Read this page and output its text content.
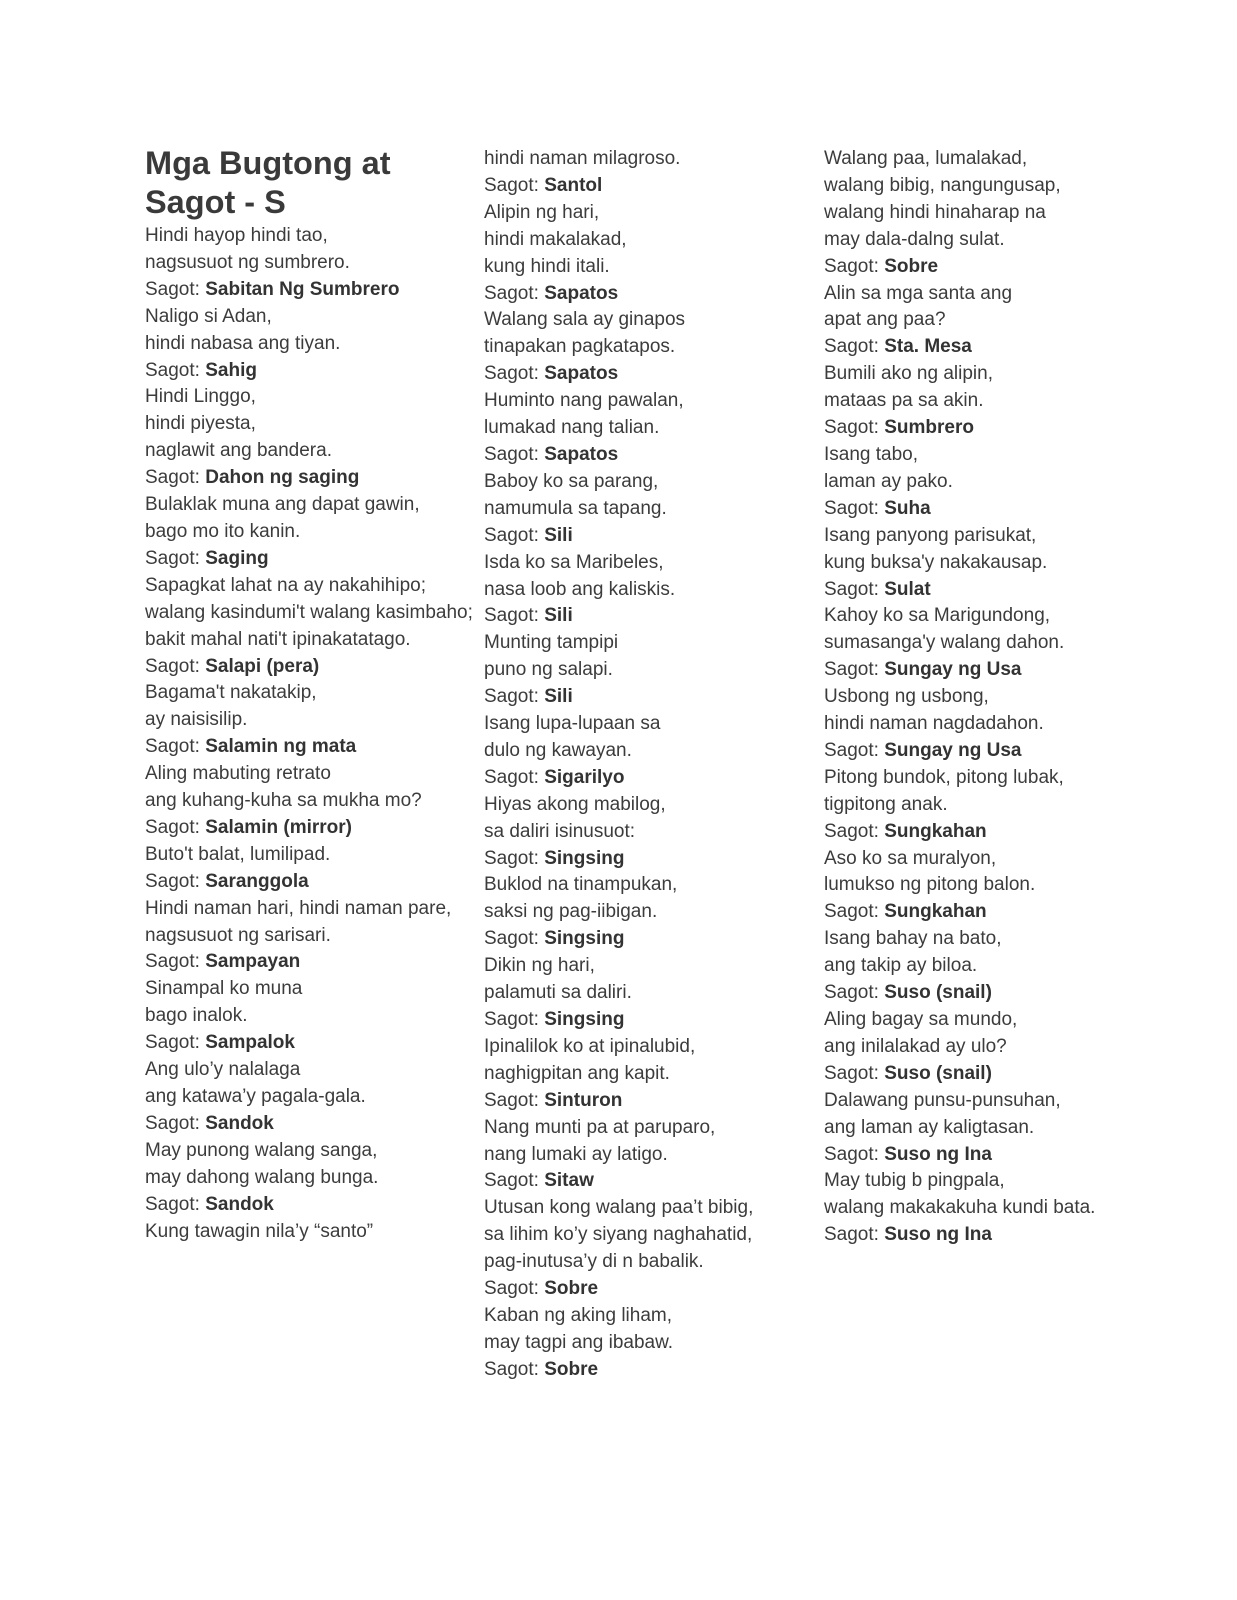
Mga Bugtong at Sagot - S
Hindi hayop hindi tao,
nagsusuot ng sumbrero.
Sagot: Sabitan Ng Sumbrero
Naligo si Adan,
hindi nabasa ang tiyan.
Sagot: Sahig
Hindi Linggo,
hindi piyesta,
naglawit ang bandera.
Sagot: Dahon ng saging
Bulaklak muna ang dapat gawin,
bago mo ito kanin.
Sagot: Saging
Sapagkat lahat na ay nakahihipo;
walang kasindumi't walang kasimbaho;
bakit mahal nati't ipinakatatago.
Sagot: Salapi (pera)
Bagama't nakatakip,
ay naisisilip.
Sagot: Salamin ng mata
Aling mabuting retrato
ang kuhang-kuha sa mukha mo?
Sagot: Salamin (mirror)
Buto't balat, lumilipad.
Sagot: Saranggola
Hindi naman hari, hindi naman pare,
nagsusuot ng sarisari.
Sagot: Sampayan
Sinampal ko muna
bago inalok.
Sagot: Sampalok
Ang ulo’y nalalaga
ang katawa’y pagala-gala.
Sagot: Sandok
May punong walang sanga,
may dahong walang bunga.
Sagot: Sandok
Kung tawagin nila’y “santo”
hindi naman milagroso.
Sagot: Santol
Alipin ng hari,
hindi makalakad,
kung hindi itali.
Sagot: Sapatos
Walang sala ay ginapos
tinapakan pagkatapos.
Sagot: Sapatos
Huminto nang pawalan,
lumakad nang talian.
Sagot: Sapatos
Baboy ko sa parang,
namumula sa tapang.
Sagot: Sili
Isda ko sa Maribeles,
nasa loob ang kaliskis.
Sagot: Sili
Munting tampipi
puno ng salapi.
Sagot: Sili
Isang lupa-lupaan sa
dulo ng kawayan.
Sagot: Sigarilyo
Hiyas akong mabilog,
sa daliri isinusuot:
Sagot: Singsing
Buklod na tinampukan,
saksi ng pag-iibigan.
Sagot: Singsing
Dikin ng hari,
palamuti sa daliri.
Sagot: Singsing
Ipinalilok ko at ipinalubid,
naghigpitan ang kapit.
Sagot: Sinturon
Nang munti pa at paruparo,
nang lumaki ay latigo.
Sagot: Sitaw
Utusan kong walang paa’t bibig,
sa lihim ko’y siyang naghahatid,
pag-inutusa’y di n babalik.
Sagot: Sobre
Kaban ng aking liham,
may tagpi ang ibabaw.
Sagot: Sobre
Walang paa, lumalakad,
walang bibig, nangungusap,
walang hindi hinaharap na
may dala-dalng sulat.
Sagot: Sobre
Alin sa mga santa ang
apat ang paa?
Sagot: Sta. Mesa
Bumili ako ng alipin,
mataas pa sa akin.
Sagot: Sumbrero
Isang tabo,
laman ay pako.
Sagot: Suha
Isang panyong parisukat,
kung buksa'y nakakausap.
Sagot: Sulat
Kahoy ko sa Marigundong,
sumasanga'y walang dahon.
Sagot: Sungay ng Usa
Usbong ng usbong,
hindi naman nagdadahon.
Sagot: Sungay ng Usa
Pitong bundok, pitong lubak,
tigpitong anak.
Sagot: Sungkahan
Aso ko sa muralyon,
lumukso ng pitong balon.
Sagot: Sungkahan
Isang bahay na bato,
ang takip ay biloa.
Sagot: Suso (snail)
Aling bagay sa mundo,
ang inilalakad ay ulo?
Sagot: Suso (snail)
Dalawang punsu-punsuhan,
ang laman ay kaligtasan.
Sagot: Suso ng Ina
May tubig b pingpala,
walang makakakuha kundi bata.
Sagot: Suso ng Ina
